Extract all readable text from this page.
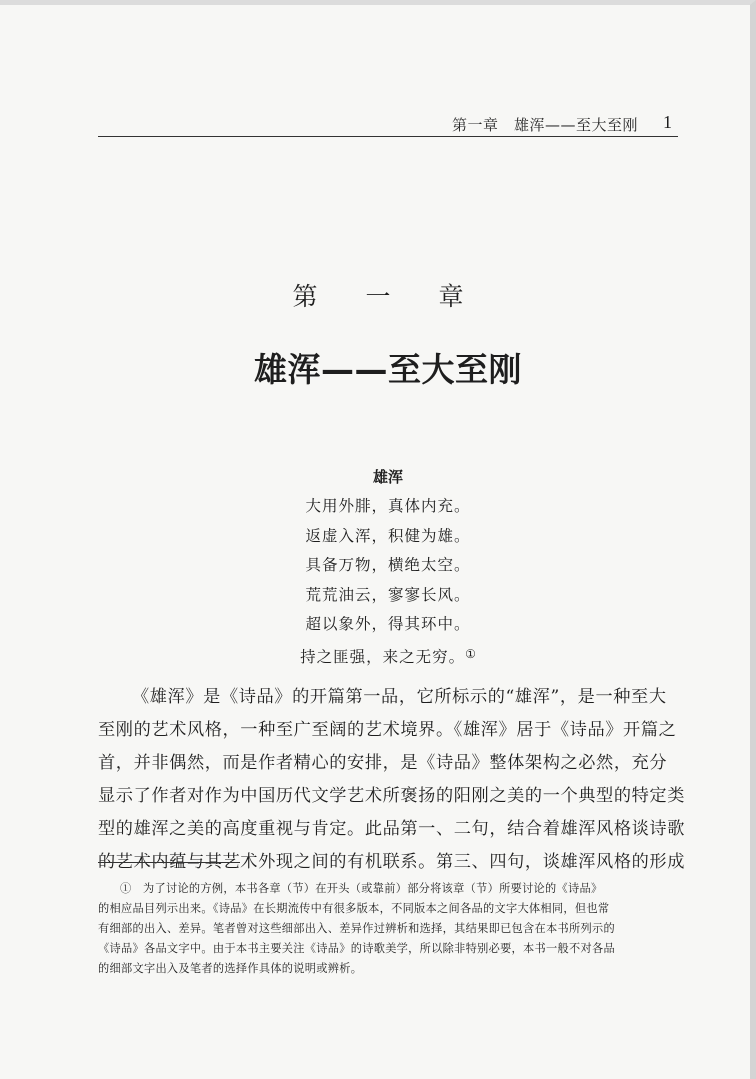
第一章　雄浑——至大至刚 1
第 一 章
雄浑——至大至刚
雄浑
大用外腓，真体内充。
返虚入浑，积健为雄。
具备万物，横绝太空。
荒荒油云，寥寥长风。
超以象外，得其环中。
持之匪强，来之无穷。①
《雄浑》是《诗品》的开篇第一品，它所标示的“雄浑”，是一种至大
至刚的艺术风格，一种至广至阔的艺术境界。《雄浑》居于《诗品》开篇之
首，并非偶然，而是作者精心的安排，是《诗品》整体架构之必然，充分
显示了作者对作为中国历代文学艺术所褒扬的阳刚之美的一个典型的特定类
型的雄浑之美的高度重视与肯定。此品第一、二句，结合着雄浑风格谈诗歌
的艺术内蕴与其艺术外现之间的有机联系。第三、四句，谈雄浑风格的形成
①　为了讨论的方例，本书各章（节）在开头（或靠前）部分将该章（节）所要讨论的《诗品》
的相应品目列示出来。《诗品》在长期流传中有很多版本，不同版本之间各品的文字大体相同，但也常
有细部的出入、差异。笔者曾对这些细部出入、差异作过辨析和选择，其结果即已包含在本书所列示的
《诗品》各品文字中。由于本书主要关注《诗品》的诗歌美学，所以除非特别必要，本书一般不对各品
的细部文字出入及笔者的选择作具体的说明或辨析。
